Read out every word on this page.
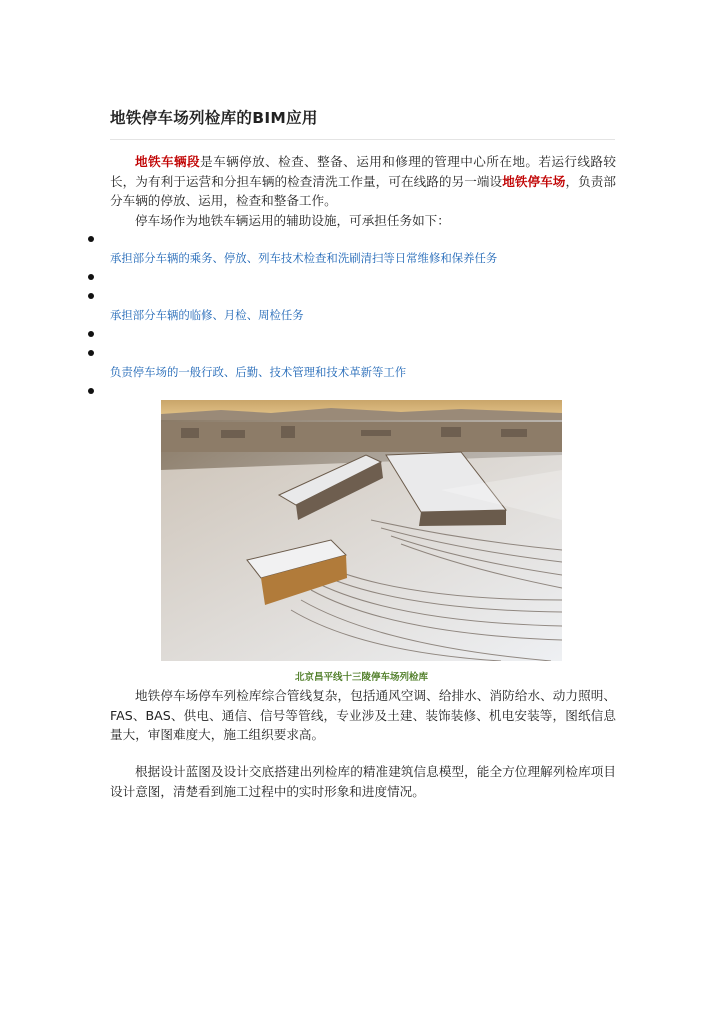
地铁停车场列检库的BIM应用
地铁车辆段是车辆停放、检查、整备、运用和修理的管理中心所在地。若运行线路较长，为有利于运营和分担车辆的检查清洗工作量，可在线路的另一端设地铁停车场，负责部分车辆的停放、运用，检查和整备工作。
停车场作为地铁车辆运用的辅助设施，可承担任务如下：
承担部分车辆的乘务、停放、列车技术检查和洗刷清扫等日常维修和保养任务
承担部分车辆的临修、月检、周检任务
负责停车场的一般行政、后勤、技术管理和技术革新等工作
北京昌平线十三陵停车场列检库
地铁停车场停车列检库综合管线复杂，包括通风空调、给排水、消防给水、动力照明、FAS、BAS、供电、通信、信号等管线，专业涉及土建、装饰装修、机电安装等，图纸信息量大，审图难度大，施工组织要求高。
根据设计蓝图及设计交底搭建出列检库的精准建筑信息模型，能全方位理解列检库项目设计意图，清楚看到施工过程中的实时形象和进度情况。
